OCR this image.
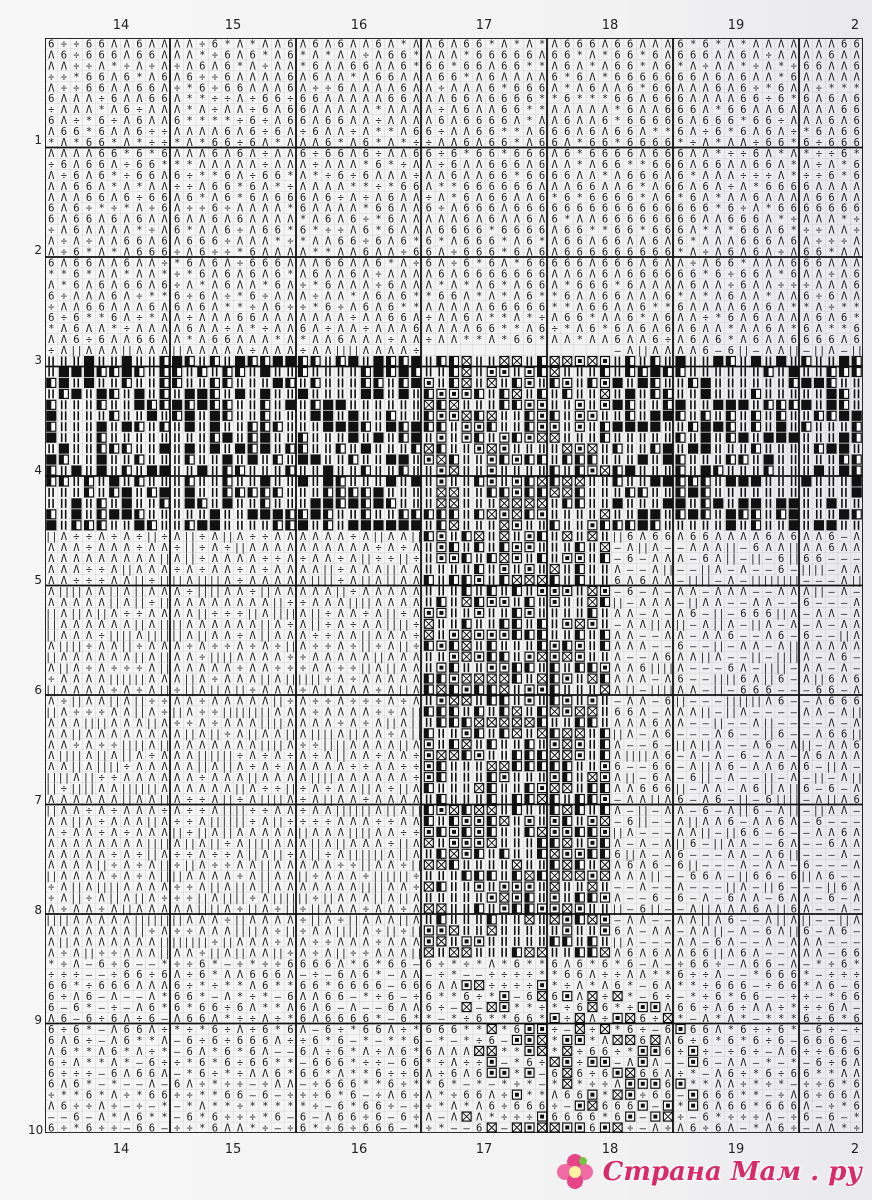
14	15	16	17	18	19	2
1
2
3
4
5
6
7
8
9
10
6 ÷ ÷ 6 6 Λ Λ 6 Λ Λ Λ Λ ÷ 6 * Λ * Λ Λ 6 Λ 6 Λ 6 Λ Λ 6 Λ * Λ Λ 6 Λ 6 6 * Λ * Λ * Λ 6 6 6 Λ 6 6 Λ Λ Λ 6 * 6 * Λ * Λ Λ Λ Λ Λ Λ Λ 6 6
Λ 6 ÷ 6 6 6 Λ 6 6 Λ Λ Λ * ÷ 6 Λ 6 * Λ 6 * Λ * Λ Λ ÷ Λ 6 6 * Λ Λ Λ * 6 6 6 6 6 Λ 6 6 * Λ * 6 6 * 6 Λ 6 6 6 Λ Λ 6 Λ ÷ Λ Λ Λ Λ 6 Λ Λ
Λ Λ ÷ ÷ Λ * ÷ Λ ÷ Λ ÷ Λ 6 Λ 6 * Λ ÷ Λ Λ * 6 Λ Λ 6 6 Λ Λ 6 * 6 6 * 6 6 Λ 6 6 * * Λ 6 Λ * Λ 6 6 * Λ 6 * Λ ÷ Λ Λ * ÷ Λ * ÷ 6 6 Λ Λ 6
÷ ÷ * 6 6 Λ 6 * Λ 6 Λ 6 ÷ ÷ 6 Λ Λ Λ Λ 6 Λ 6 Λ Λ * Λ 6 6 Λ Λ Λ 6 6 * Λ 6 Λ Λ Λ Λ 6 * 6 Λ * 6 6 6 6 6 6 6 Λ 6 Λ 6 Λ Λ * 6 Λ Λ Λ Λ Λ
Λ ÷ ÷ 6 6 Λ Λ 6 6 Λ ÷ * 6 ÷ 6 6 Λ Λ Λ 6 Λ ÷ ÷ 6 Λ Λ Λ Λ 6 Λ Λ ÷ Λ Λ Λ 6 * 6 6 6 Λ * Λ 6 Λ Λ 6 * 6 6 Λ Λ Λ 6 Λ 6 ÷ * 6 Λ Λ ÷ * * *
6 Λ Λ Λ ÷ 6 Λ Λ 6 6 Λ * * ÷ ÷ Λ ÷ 6 6 ÷ 6 6 Λ Λ Λ Λ Λ 6 6 Λ Λ Λ 6 6 Λ 6 6 6 6 * * 6 * * * 6 6 Λ 6 6 6 Λ Λ Λ Λ 6 6 ÷ 6 * 6 Λ 6 Λ 6
÷ Λ Λ Λ * Λ 6 ÷ Λ Λ Λ * Λ ÷ Λ Λ ÷ 6 Λ 6 6 Λ Λ Λ Λ Λ * Λ Λ Λ Λ ÷ Λ 6 Λ Λ 6 6 * * Λ Λ Λ Λ Λ * 6 Λ Λ 6 6 6 Λ * 6 6 Λ Λ 6 Λ Λ Λ Λ 6 6
6 Λ ÷ * 6 ÷ Λ 6 Λ Λ 6 * * * * ÷ 6 ÷ Λ 6 6 Λ 6 6 Λ Λ ÷ Λ Λ Λ Λ 6 Λ 6 6 6 6 Λ * Λ Λ 6 Λ Λ 6 * 6 6 6 6 6 Λ 6 6 6 * 6 6 ÷ Λ Λ Λ 6 Λ 6
Λ 6 6 * 6 Λ Λ 6 ÷ ÷ Λ Λ Λ Λ 6 Λ 6 ÷ 6 Λ ÷ 6 Λ Λ ÷ Λ * * Λ 6 6 ÷ Λ Λ 6 6 * * Λ 6 6 6 Λ 6 Λ 6 6 Λ * * 6 Λ ÷ 6 * 6 Λ 6 Λ ÷ * 6 Λ 6 6
* Λ * 6 6 * Λ * ÷ ÷ * Λ * 6 6 ÷ 6 Λ * Λ Λ Λ 6 * Λ 6 * Λ * ÷ ÷ Λ Λ 6 Λ 6 6 * Λ 6 6 Λ * 6 6 * 6 6 6 6 * ÷ Λ * Λ Λ ÷ 6 6 * 6 ÷ 6 6 6
Λ Λ Λ Λ 6 6 * 6 * 6 Λ Λ Λ 6 Λ 6 Λ ÷ Λ Λ 6 ÷ 6 6 Λ 6 ÷ Λ Λ 6 6 ÷ 6 * 6 6 * 6 6 6 Λ 6 * 6 6 6 6 Λ 6 6 6 Λ Λ * ÷ ÷ 6 Λ * Λ * ÷ ÷ 6 *
÷ 6 Λ 6 6 Λ ÷ 6 6 * * * Λ Λ Λ Λ Λ ÷ Λ Λ Λ ÷ Λ Λ Λ * 6 * ÷ Λ Λ ÷ 6 Λ Λ 6 6 6 Λ 6 Λ Λ * Λ 6 6 * * 6 6 6 Λ 6 6 Λ Λ 6 6 Λ * Λ ÷ Λ * 6
Λ ÷ 6 Λ 6 * ÷ 6 6 Λ 6 ÷ * * 6 Λ ÷ 6 6 * Λ * ÷ 6 ÷ 6 Λ Λ Λ ÷ Λ Λ 6 Λ Λ 6 6 * 6 6 6 6 Λ Λ * Λ 6 6 6 Λ 6 * Λ Λ Λ ÷ ÷ ÷ Λ * ÷ ÷ 6 * 6
Λ Λ 6 6 Λ * Λ * Λ Λ ÷ ÷ Λ 6 6 * 6 Λ * ÷ Λ Λ Λ Λ * * ÷ * 6 6 Λ * * 6 6 6 6 6 6 Λ Λ Λ 6 6 Λ Λ 6 * Λ 6 6 Λ 6 Λ ÷ Λ * 6 6 6 6 Λ Λ Λ Λ
Λ Λ Λ 6 6 Λ 6 ÷ 6 6 Λ 6 * Λ 6 * 6 Λ 6 6 6 Λ 6 ÷ Λ ÷ Λ 6 Λ Λ ÷ Λ * 6 Λ 6 6 Λ Λ 6 * 6 * 6 6 6 6 * Λ 6 * 6 Λ * Λ Λ 6 Λ Λ Λ Λ 6 6 Λ Λ
6 Λ 6 ÷ * ÷ * Λ ÷ 6 Λ ÷ ÷ 6 ÷ Λ Λ Λ Λ * 6 Λ Λ Λ Λ * 6 6 Λ Λ 6 ÷ Λ 6 6 6 Λ 6 6 6 6 6 6 6 6 6 6 6 6 6 6 6 6 * 6 ÷ Λ * 6 6 6 6 6 6 6
6 Λ 6 6 Λ 6 Λ 6 Λ Λ 6 Λ Λ 6 Λ 6 Λ Λ Λ Λ * Λ 6 Λ 6 ÷ * 6 Λ Λ Λ Λ Λ 6 Λ 6 Λ Λ 6 Λ 6 * Λ Λ 6 6 6 6 6 6 6 6 Λ Λ 6 6 6 Λ * ÷ Λ Λ Λ * ÷
÷ Λ 6 Λ Λ Λ Λ * ÷ Λ 6 * Λ Λ 6 ÷ Λ 6 6 * 6 * ÷ ÷ Λ 6 * 6 Λ Λ Λ 6 6 6 6 * 6 6 6 6 Λ 6 6 * * 6 6 * 6 6 6 Λ * Λ * 6 6 Λ 6 * ÷ ÷ Λ Λ ÷
Λ ÷ Λ ÷ Λ Λ 6 6 Λ 6 Λ 6 6 6 ÷ Λ Λ Λ * ÷ * Λ Λ 6 6 ÷ 6 Λ 6 * 6 * Λ 6 6 6 * Λ 6 * Λ 6 6 Λ 6 6 Λ Λ 6 Λ 6 * Λ Λ Λ 6 6 6 Λ 6 Λ ÷ ÷ ÷ Λ
Λ ÷ 6 * Λ * Λ 6 6 6 ÷ Λ 6 ÷ ÷ * 6 Λ Λ Λ Λ * * Λ Λ 6 Λ Λ ÷ 6 6 Λ ÷ 6 6 6 * 6 Λ 6 Λ 6 6 6 6 6 6 6 6 6 * Λ ÷ Λ 6 Λ 6 Λ ÷ Λ 6 6 * Λ Λ
6 Λ 6 6 Λ Λ 6 Λ Λ ÷ * 6 Λ 6 Λ ÷ 6 6 6 Λ Λ Λ 6 6 Λ Λ 6 * Λ ÷ 6 Λ ÷ 6 * 6 Λ * 6 6 6 6 6 Λ 6 6 6 Λ 6 Λ Λ ÷ Λ 6 6 * Λ Λ Λ 6 6 6 Λ Λ Λ
* * 6 * Λ Λ * Λ Λ * ÷ * 6 Λ 6 Λ 6 Λ 6 * Λ 6 Λ Λ 6 Λ ÷ Λ Λ Λ Λ 6 Λ 6 6 6 6 6 6 6 Λ Λ 6 Λ 6 Λ 6 6 6 6 6 6 * 6 ÷ 6 6 Λ * 6 Λ Λ ÷ Λ 6
Λ * 6 Λ 6 Λ 6 6 Λ 6 ÷ Λ * Λ 6 Λ Λ * 6 Λ ÷ * 6 Λ Λ Λ ÷ 6 Λ Λ Λ * Λ * Λ 6 * Λ 6 6 Λ * 6 6 6 * 6 Λ Λ Λ Λ 6 Λ Λ ÷ 6 Λ Λ ÷ ÷ ÷ Λ Λ Λ 6
6 ÷ Λ Λ Λ 6 Λ ÷ * * 6 ÷ 6 Λ ÷ * 6 ÷ Λ Λ Λ ÷ Λ Λ * Λ 6 Λ 6 * * 6 6 Λ * Λ * Λ 6 * * 6 Λ Λ 6 6 Λ Λ Λ 6 * Λ * Λ 6 Λ Λ * Λ Λ 6 ÷ 6 Λ Λ
÷ Λ Λ 6 6 Λ Λ Λ 6 Λ 6 Λ 6 Λ * * ÷ Λ 6 ÷ ÷ * 6 ÷ Λ 6 Λ 6 * * Λ Λ Λ Λ Λ 6 6 6 6 6 * * Λ 6 6 Λ Λ 6 * * 6 Λ Λ Λ Λ 6 Λ 6 Λ * * Λ ÷ * *
6 ÷ 6 * * 6 Λ ÷ * Λ Λ ÷ Λ Λ Λ 6 6 Λ Λ Λ Λ Λ Λ Λ ÷ Λ Λ 6 6 Λ ÷ Λ Λ 6 Λ * * Λ * ÷ Λ 6 6 * Λ Λ 6 * Λ 6 Λ Λ ÷ * 6 Λ 6 Λ Λ Λ Λ 6 Λ 6 *
* Λ 6 Λ Λ * ÷ Λ Λ Λ Λ 6 Λ Λ ÷ Λ * ÷ Λ Λ 6 Λ ÷ Λ Λ ÷ Λ Λ Λ 6 Λ Λ Λ Λ 6 6 * * Λ 6 ÷ * Λ 6 * 6 Λ 6 Λ 6 Λ 6 Λ Λ * Λ Λ 6 Λ * 6 Λ * * 6
Λ Λ 6 ÷ 6 Λ Λ 6 6 Λ Λ * Λ 6 6 Λ Λ Λ * Λ * Λ Λ 6 Λ Λ Λ ÷ Λ Λ ÷ Λ Λ * * Λ * 6 6 * Λ Λ * Λ Λ 6 Λ Λ 6 ÷ Λ 6 Λ 6 * Λ 6 Λ Λ 6 6 6 6 Λ 6
÷ Λ || Λ Λ Λ || Λ Λ Λ || Λ Λ Λ Λ Λ ÷ Λ Λ Λ ÷ Λ Λ || || Λ Λ Λ Λ ÷	— Λ || Λ Λ Λ Λ 6 — 6 || — Λ Λ || — || Λ — ||
|| Λ ÷ ÷ Λ ÷ Λ ÷ || ÷ Λ || ÷ Λ || Λ ÷ ÷ Λ Λ Λ Λ Λ Λ ÷ Λ || Λ Λ ||	|| 6 Λ 6 6 Λ 6 6 Λ Λ Λ Λ 6 Λ 6 Λ Λ 6 — Λ
Λ Λ Λ ÷ Λ Λ Λ ÷ Λ Λ ÷ || ÷ Λ ÷ || Λ Λ Λ Λ Λ Λ Λ Λ Λ Λ ÷ Λ ÷ Λ	— Λ || Λ — — Λ Λ Λ || — 6 Λ Λ || Λ Λ 6 Λ Λ
Λ Λ Λ Λ Λ Λ Λ Λ Λ || Λ || ÷ Λ Λ Λ Λ ÷ ÷ Λ ÷ Λ Λ ÷ Λ || ÷ ÷ || ÷	— 6 — Λ Λ Λ — 6 Λ || — || — 6 || 6 6 — — —
Λ Λ Λ ÷ ÷ Λ || Λ Λ Λ ÷ Λ ÷ Λ Λ ÷ Λ ÷ Λ Λ Λ Λ || ÷ Λ Λ Λ || Λ Λ	Λ — — Λ || — — || Λ — Λ — — 6 — || || — Λ Λ
Λ Λ ÷ ÷ ÷ Λ Λ || ÷ || || Λ || || Λ ÷ Λ Λ Λ Λ Λ || || ÷ Λ || Λ || Λ Λ	6 Λ 6 Λ Λ — || || — Λ — || || || || — — — Λ ||
Λ || || Λ Λ || Λ || Λ Λ Λ ÷ || || Λ Λ ÷ || Λ Λ Λ Λ Λ || ÷ Λ Λ Λ Λ Λ	— 6 — Λ — Λ Λ — Λ Λ Λ — — Λ Λ Λ || — Λ —
Λ Λ Λ Λ Λ || Λ || ÷ || Λ Λ Λ Λ Λ Λ Λ Λ || ÷ ÷ Λ Λ Λ || || Λ Λ Λ Λ	|| — Λ Λ Λ — || Λ Λ — — Λ Λ — — 6 — — — Λ
|| Λ || Λ || Λ ÷ ÷ Λ Λ Λ Λ || ÷ ÷ ÷ || Λ || || Λ || ÷ Λ Λ ÷ Λ || ÷ Λ	Λ Λ — Λ — Λ 6 — || — 6 6 6 || Λ — Λ Λ — Λ
|| Λ Λ Λ Λ Λ Λ || Λ || || Λ Λ Λ Λ Λ Λ || Λ ÷ Λ || ÷ Λ ÷ Λ Λ || || ÷	— Λ Λ || Λ || — Λ || Λ — || Λ — Λ — Λ — Λ Λ
|| Λ Λ Λ ÷ || || Λ || || || Λ || Λ Λ ÷ Λ || Λ Λ Λ ÷ ÷ Λ Λ || Λ Λ Λ ÷	Λ Λ — — Λ Λ — Λ Λ 6 — — Λ 6 — 6 — — || Λ
Λ || || ÷ Λ Λ || ÷ Λ Λ Λ ÷ Λ ÷ ÷ Λ ÷ Λ ÷ || Λ ÷ ÷ Λ ÷ || ÷ Λ || ÷	Λ Λ Λ — — 6 — — || — Λ Λ — Λ || Λ Λ Λ Λ Λ
|| Λ Λ Λ Λ Λ Λ || Λ || Λ Λ ÷ || || Λ Λ Λ Λ ÷ ÷ Λ Λ Λ Λ Λ || Λ Λ Λ	Λ — — Λ 6 Λ Λ || Λ — — || — || || Λ — Λ 6 —
Λ || Λ ÷ Λ ÷ ÷ ÷ Λ || Λ Λ Λ Λ Λ ÷ Λ Λ ÷ ÷ ÷ Λ Λ ÷ ÷ || Λ || Λ Λ	Λ Λ 6 || || Λ — — — 6 Λ — || || — Λ Λ — Λ —
÷ Λ Λ Λ Λ || || || Λ Λ Λ || Λ ÷ Λ Λ Λ || Λ || || || ÷ Λ ÷ Λ Λ Λ Λ Λ	Λ Λ Λ — Λ 6 — — || || 6 Λ || 6 — Λ || 6 Λ 6
|| Λ Λ Λ Λ ÷ Λ ÷ Λ || ÷ || Λ || Λ || ÷ Λ Λ Λ ÷ Λ || Λ Λ Λ ÷ Λ || Λ	Λ || — || || Λ Λ — || — 6 6 6 — — — 6 6 — Λ
Λ ÷ || Λ Λ || Λ || ÷ ÷ Λ Λ ÷ Λ Λ Λ Λ Λ || ÷ Λ ÷ ÷ Λ ÷ ÷ ÷ Λ ÷ Λ	— Λ Λ — 6 || — — — || || || Λ 6 — — Λ 6 6 6
|| Λ ÷ ÷ ÷ Λ Λ || Λ ÷ || Λ ÷ ÷ || || || || Λ Λ Λ ÷ Λ Λ Λ Λ ÷ ÷ Λ ||	6 6 Λ — Λ Λ Λ || — || Λ — — — — Λ Λ — Λ ||
Λ Λ Λ || || Λ Λ Λ || Λ ÷ ÷ Λ ÷ Λ Λ Λ || || Λ Λ Λ Λ ÷ Λ ÷ Λ || Λ ||	Λ Λ Λ 6 Λ Λ — — || — — Λ || — — — — Λ — Λ
Λ Λ || Λ Λ Λ Λ Λ Λ Λ Λ || Λ || ÷ Λ || Λ Λ || Λ || || Λ || Λ Λ ÷ Λ ||	|| Λ — Λ 6 — — — Λ 6 — — || 6 — — Λ 6 6 ||
Λ Λ ÷ Λ ÷ ÷ || || Λ || Λ Λ Λ Λ Λ Λ Λ || || Λ ÷ ÷ || || Λ Λ Λ Λ || Λ	Λ — — 6 — || Λ || Λ — — Λ 6 — Λ || — Λ Λ 6
Λ || || Λ || Λ || Λ ÷ Λ Λ Λ || || || ÷ Λ ÷ Λ ÷ Λ ÷ Λ || Λ Λ ÷ Λ Λ ÷	Λ || || Λ 6 — Λ — Λ — 6 — Λ Λ — Λ 6 Λ Λ Λ
Λ Λ || Λ || || ÷ Λ Λ Λ Λ Λ || Λ || Λ ÷ Λ ÷ Λ Λ Λ Λ Λ ÷ ÷ Λ Λ ÷ ÷	6 — — 6 6 — Λ || Λ 6 — Λ Λ 6 Λ 6 — || Λ —
|| || Λ || ÷ ÷ Λ Λ Λ Λ Λ Λ ÷ Λ Λ Λ || Λ Λ Λ Λ || || Λ Λ Λ Λ Λ Λ ÷	Λ || — 6 Λ — 6 || — Λ — — || — Λ — || — Λ ||
|| ÷ || || Λ Λ || || || Λ Λ Λ Λ Λ Λ || Λ ÷ ÷ || ÷ Λ ÷ Λ Λ || Λ ÷ || Λ	Λ Λ 6 6 6 || — Λ Λ — Λ 6 || Λ || 6 — 6 — Λ
Λ Λ Λ Λ Λ Λ || Λ Λ || Λ ÷ ÷ Λ || ÷ Λ || || Λ ÷ Λ || Λ Λ ÷ Λ Λ Λ Λ	— Λ Λ || Λ 6 — Λ 6 — || — 6 || || — Λ || Λ 6
|| Λ Λ ÷ Λ ÷ Λ Λ Λ ÷ Λ ÷ ÷ Λ || || ÷ ÷ Λ Λ ÷ Λ Λ || || || Λ || Λ ||	Λ — || — Λ Λ — 6 — Λ || 6 — Λ || — || Λ Λ —
Λ Λ || Λ ÷ Λ Λ Λ || Λ ÷ ÷ Λ || || || ÷ Λ || ÷ ÷ ÷ ÷ Λ Λ Λ ÷ ÷ Λ Λ	— 6 || — — Λ || Λ Λ 6 — Λ Λ 6 Λ — 6 — — —
Λ ÷ Λ Λ ÷ Λ ÷ Λ Λ Λ || ÷ || Λ || Λ Λ Λ Λ Λ || Λ Λ Λ || || Λ Λ ÷ ÷	|| Λ — — — Λ Λ || — || 6 6 — 6 — — Λ Λ 6 Λ
Λ Λ Λ Λ Λ Λ Λ Λ || || Λ || Λ || ÷ Λ || || Λ Λ Λ || Λ || Λ Λ Λ ÷ || Λ	Λ — Λ — Λ || 6 — || Λ Λ — — 6 Λ — — 6 Λ Λ
Λ Λ Λ Λ Λ ÷ Λ ÷ || Λ ÷ ÷ Λ ÷ ÷ Λ || Λ || ÷ Λ || ÷ Λ || || || Λ || Λ	6 || Λ — Λ 6 — — — Λ Λ — Λ 6 || — — — Λ —
Λ Λ Λ Λ || ÷ Λ ÷ Λ || ÷ || Λ ÷ ÷ Λ Λ || Λ Λ Λ Λ Λ ÷ ÷ || Λ Λ ÷ ||	Λ 6 Λ 6 — 6 || — — — Λ — Λ Λ — 6 — — — Λ
|| Λ Λ Λ Λ ÷ Λ ÷ Λ || || Λ Λ Λ Λ ÷ Λ || Λ Λ || ÷ Λ Λ Λ ÷ || || || ÷	Λ Λ Λ || — — 6 6 Λ — || 6 6 — 6 || Λ 6 — —
÷ Λ || Λ || || Λ Λ Λ Λ ÷ ÷ Λ || Λ || Λ || Λ Λ Λ Λ Λ Λ Λ || || Λ Λ ÷	— — Λ — — Λ — — — || Λ — || 6 — — — || 6 Λ
÷ Λ || ÷ Λ || Λ || Λ ÷ ÷ ÷ || Λ || || ÷ Λ || || || ÷ || Λ Λ Λ || Λ || Λ	Λ — — 6 — 6 — Λ — 6 Λ Λ — 6 Λ Λ — 6 — Λ
Λ ÷ Λ Λ ÷ Λ || Λ Λ Λ Λ Λ || || Λ ÷ || Λ ÷ || ÷ || Λ Λ Λ ÷ Λ Λ ÷ Λ	|| — 6 || — — Λ || Λ Λ Λ 6 Λ || 6 Λ — — Λ —
|| || Λ Λ Λ Λ Λ || || || || Λ Λ Λ ÷ || Λ Λ Λ Λ ÷ || Λ ÷ || Λ Λ Λ || Λ	— Λ Λ — — Λ Λ || Λ 6 — — Λ || Λ || — — || Λ
Λ Λ Λ Λ Λ Λ Λ || ÷ Λ ÷ ÷ Λ Λ Λ || || Λ ÷ || ÷ Λ Λ || || Λ ÷ || ÷ ||	6 Λ — Λ Λ — Λ Λ || — Λ — 6 Λ || 6 — Λ 6 —
Λ || Λ Λ Λ Λ Λ Λ Λ || || || || ÷ || Λ Λ Λ ÷ Λ Λ ÷ ÷ Λ Λ Λ ÷ Λ Λ Λ	|| Λ — — — Λ Λ — 6 Λ — — Λ — Λ Λ Λ — — —
Λ ÷ Λ || ÷ ÷ Λ Λ Λ || Λ Λ ÷ || Λ || Λ Λ || ÷ Λ ÷ Λ || ÷ ÷ Λ Λ Λ ||	Λ 6 Λ 6 Λ Λ 6 6 || Λ 6 Λ — — Λ Λ Λ — 6 6
* ÷ Λ — 6 ÷ 6 — — * ÷ ÷ 6 * — ÷ * ÷ ÷ 6 6 6 6 Λ * 6 * 6 6 — 6 ÷ * ÷ * Λ * 6 * * 6 Λ 6 * 6 * 6 — Λ — ÷ 6 6 ÷ — Λ 6 6 — Λ — * ÷ 6 *
÷ ÷ ÷ — — ÷ 6 6 ÷ 6 Λ ÷ 6 * Λ Λ 6 6 6 Λ — ÷ — 6 Λ 6 * — Λ Λ — ÷ * — — ÷ ÷ ÷ ÷ * * 6 6 Λ ÷ ÷ Λ Λ * * 6 ÷ ÷ Λ — — * 6 6 6 * — ÷ ÷ ÷
6 6 * ÷ 6 6 6 Λ Λ Λ 6 ÷ * ÷ * * Λ 6 * * 6 6 * 6 6 6 6 — 6 6 6 Λ Λ	÷ ÷ ÷ ÷ * ÷ Λ * Λ 6 * — 6 Λ * * ÷ 6 6 6 — ÷ 6 6 * Λ 6 — 6
6 ÷ Λ 6 — Λ — — Λ * 6 6 * — Λ * ÷ * — 6 Λ Λ 6 6 — * ÷ 6 — ÷ 6 * * 6 ÷ * — 6 6 Λ ÷ * — 6 ÷ — * ÷ 6 * 6 6 — — ÷ ÷ — * 6 6
6 — 6 * — ÷ — Λ 6 * 6 * 6 6 ÷ 6 Λ * * Λ 6 Λ 6 — Λ — — 6 Λ Λ 6 ÷ — —	* * ÷ * ÷ 6 6 * ÷	Λ 6 6 ÷ Λ 6 ÷ Λ Λ ÷ * ÷ ÷ 6 Λ —
Λ 6 — 6 ÷ 6 Λ ÷ 6 — Λ 6 6 Λ * ÷ ÷ Λ ÷ * 6 Λ 6 6 6 6 * — 6 * * — * ÷ 6 * * 6 6 * ÷ Λ ÷	6 ÷ * — Λ * Λ * — * * * 6 ÷ 6 * 6
6 ÷ 6 * — Λ 6 6 Λ ÷ * ÷ * 6 ÷ Λ ÷ 6 * 6 Λ — 6 ÷ * 6 6 Λ ÷ * 6 6 6 * * * 6	÷ — ÷ * 6 ÷ — 6 6 6 Λ * 6 ÷ ÷ 6 * — 6 ÷ — ÷
6 Λ 6 ÷ — Λ 6 * * Λ — 6 ÷ 6 ÷ 6 6 6 Λ ÷ ÷ 6 * 6 — * — * * 6 — * — * ÷ 6 —	*	* Λ	6 Λ 6 ÷ 6 * 6 * 6 ÷ 6 — 6 6 6 6 —
Λ 6 * * Λ 6 * Λ ÷ * — 6 Λ * 6 * 6 Λ — — 6 Λ ÷ 6 * Λ ÷ Λ 6 * 6 Λ Λ Λ	* *	* ÷ 6 6 ÷ *	6 ÷ ÷ — ÷ 6 ÷ — Λ 6 ÷ ÷ 6 6 6
6 ÷ Λ * * Λ * — 6 ÷ ÷ * 6 * 6 ÷ 6 6 * * — 6 6 6 * ÷ ÷ — 6 6 * ÷ Λ ÷ ÷ — * 6 ÷	÷	— Λ Λ — — 6 — Λ Λ — * — * — 6 ÷ 6 Λ
6 ÷ ÷ ÷ — 6 Λ 6 6 Λ — * 6 ÷ * ÷ Λ Λ 6 * 6 6 * Λ * * 6 ÷ ÷ 6 Λ ÷ 6 Λ 6	* — 6 6 ÷ 6	6 6 Λ ÷ * — Λ 6 ÷ * 6 ÷ 6 6 * * Λ Λ
6 Λ 6 * — * — — Λ — 6 Λ ÷ * ÷ ÷ — ÷ Λ Λ — ÷ 6 6 6 * * 6 ÷ * * 6 * — * — * ÷ * — * * ÷ ÷ Λ	6 * * Λ Λ ÷ * ÷ * — ÷ ÷ 6 * 6
÷ * * 6 * Λ ÷ * 6 6 ÷ ÷ * * 6 6 — 6 — ÷ ÷ ÷ 6 * 6 — ÷ Λ 6 ÷ Λ * ÷ 6 6 Λ ÷ * * Λ 6 6 *	÷ 6 6 — 6 6 6 * * — ÷ Λ 6 ÷ 6 6 Λ
Λ 6 ÷ ÷ Λ ÷ — ÷ — * — * Λ * * ÷ * * * * * ÷ — 6 * 6 6 ÷ — ÷ ÷ * Λ * Λ 6 ÷ 6 6 6 ÷ —	6 6 6 — * 6 Λ 6 6 * 6 6 6 Λ — ÷ * 6
— — 6 — Λ * Λ 6 * * — 6 * 6 ÷ ÷ ÷ * 6 — 6 — Λ 6 6 ÷ 6 — 6 ÷ Λ — Λ Λ * ÷ ÷ ÷ 6 6 6 6 * 6 —	÷ — 6 * ÷ ÷ ÷ Λ — ÷ 6 — 6 — *
6 ÷ * 6 ÷ ÷ — 6 6 — ÷ ÷ * 6 Λ Λ * ÷ — ÷ 6 * ÷ 6 ÷ 6 6 6 — * ÷ * — — 6 —	6	÷ — Λ ÷ Λ 6 ÷ 6 Λ — * Λ 6 ÷ — Λ Λ * ÷
14	15	16	17	18	19	2
Страна Мам . ру
